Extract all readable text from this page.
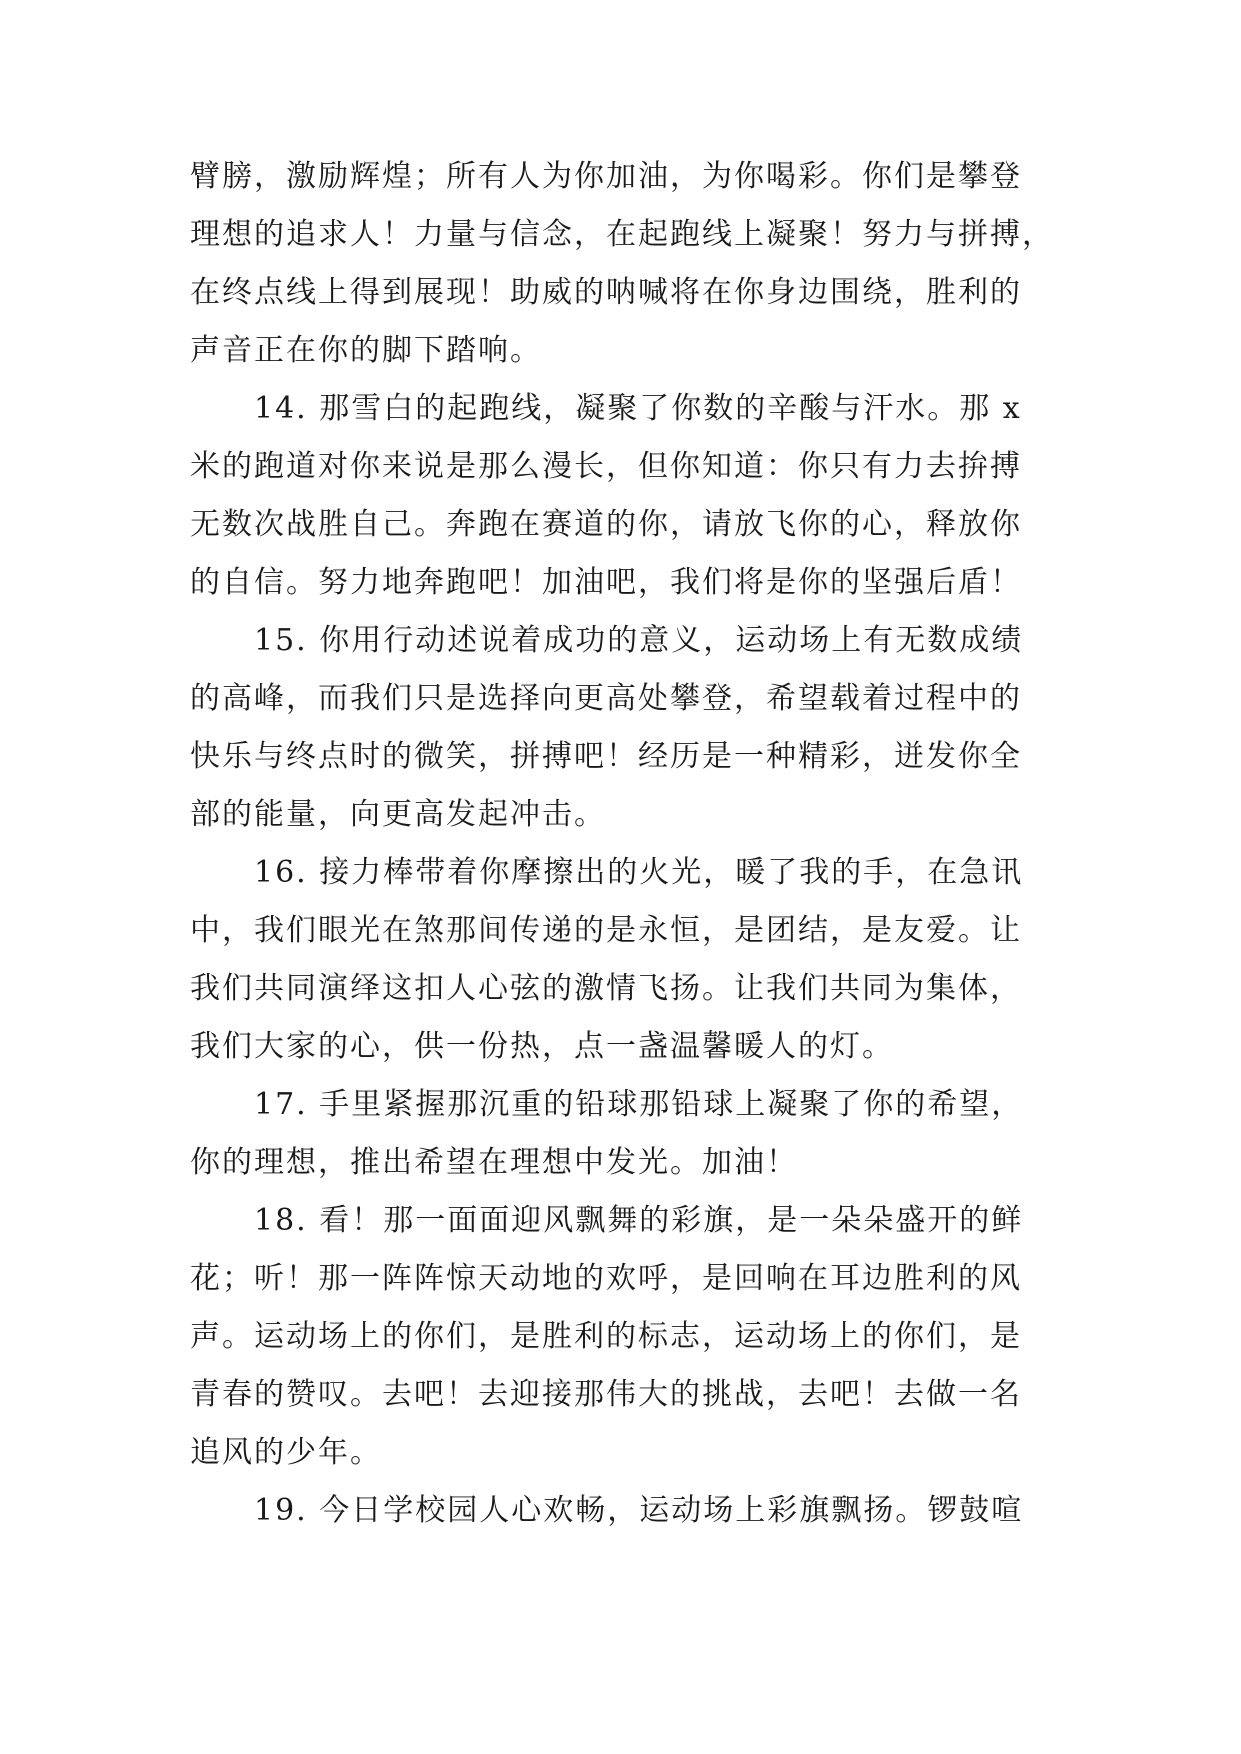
臂膀，激励辉煌；所有人为你加油，为你喝彩。你们是攀登
理想的追求人！力量与信念，在起跑线上凝聚！努力与拼搏，
在终点线上得到展现！助威的呐喊将在你身边围绕，胜利的
声音正在你的脚下踏响。
14. 那雪白的起跑线，凝聚了你数的辛酸与汗水。那 x
米的跑道对你来说是那么漫长，但你知道：你只有力去拚搏
无数次战胜自己。奔跑在赛道的你，请放飞你的心，释放你
的自信。努力地奔跑吧！加油吧，我们将是你的坚强后盾！
15. 你用行动述说着成功的意义，运动场上有无数成绩
的高峰，而我们只是选择向更高处攀登，希望载着过程中的
快乐与终点时的微笑，拼搏吧！经历是一种精彩，迸发你全
部的能量，向更高发起冲击。
16. 接力棒带着你摩擦出的火光，暖了我的手，在急讯
中，我们眼光在煞那间传递的是永恒，是团结，是友爱。让
我们共同演绎这扣人心弦的激情飞扬。让我们共同为集体，
我们大家的心，供一份热，点一盏温馨暖人的灯。
17. 手里紧握那沉重的铅球那铅球上凝聚了你的希望，
你的理想，推出希望在理想中发光。加油！
18. 看！那一面面迎风飘舞的彩旗，是一朵朵盛开的鲜
花；听！那一阵阵惊天动地的欢呼，是回响在耳边胜利的风
声。运动场上的你们，是胜利的标志，运动场上的你们，是
青春的赞叹。去吧！去迎接那伟大的挑战，去吧！去做一名
追风的少年。
19. 今日学校园人心欢畅，运动场上彩旗飘扬。锣鼓喧
